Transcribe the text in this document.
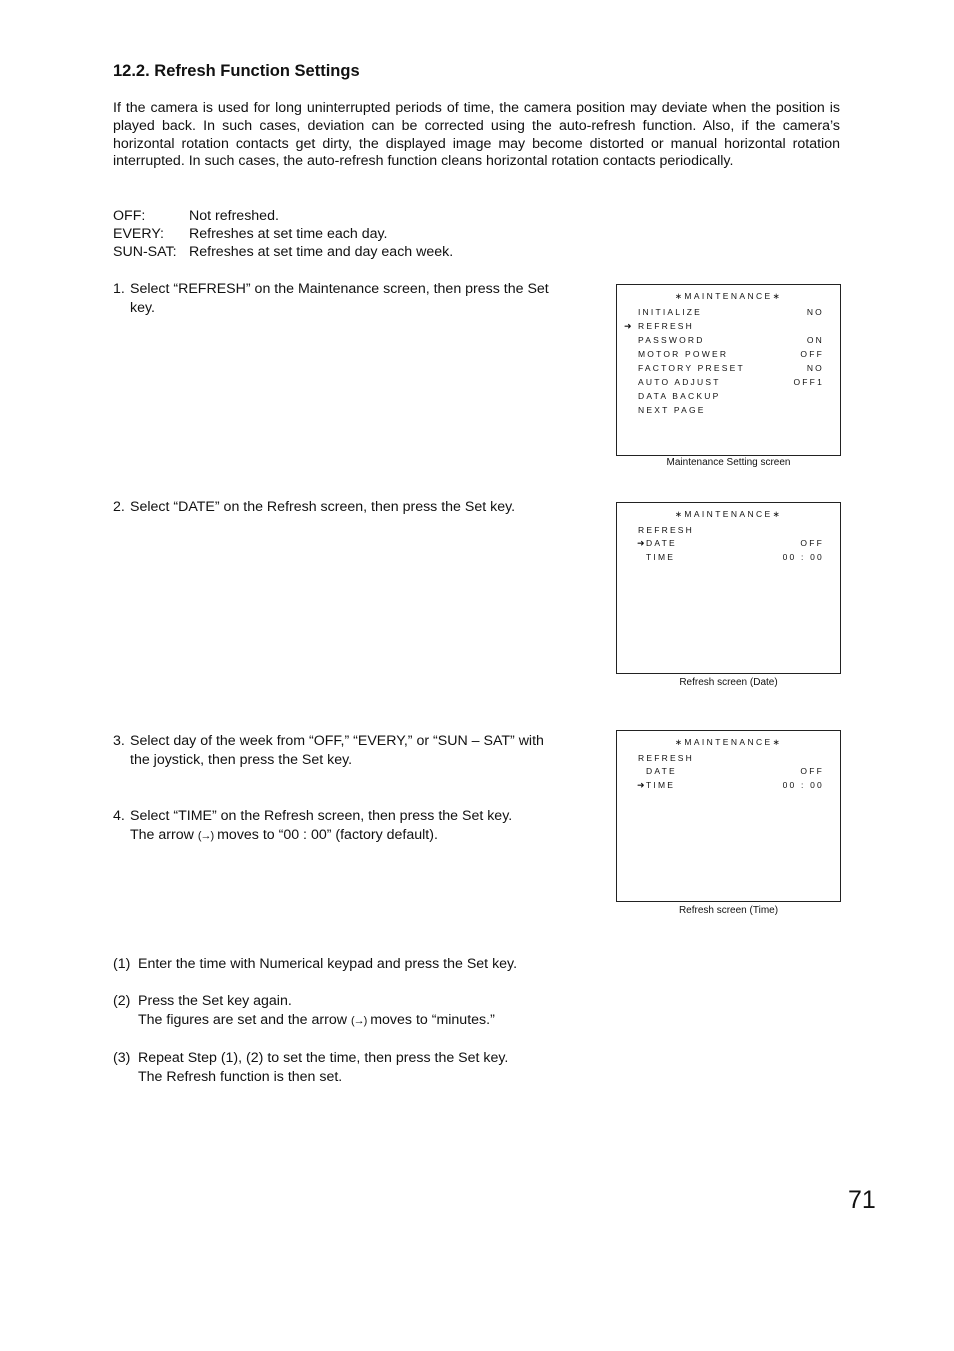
12.2. Refresh Function Settings

If the camera is used for long uninterrupted periods of time, the camera position may deviate when the position is played back. In such cases, deviation can be corrected using the auto-refresh function. Also, if the camera’s horizontal rotation contacts get dirty, the displayed image may become distorted or manual horizontal rotation interrupted. In such cases, the auto-refresh function cleans horizontal rotation contacts periodically.

OFF:	Not refreshed.
EVERY:	Refreshes at set time each day.
SUN-SAT: Refreshes at set time and day each week.
1. Select “REFRESH” on the Maintenance screen, then press the Set key.
∗MAINTENANCE∗
INITIALIZE	NO
➜ REFRESH
PASSWORD	ON
MOTOR POWER	OFF
FACTORY PRESET	NO
AUTO ADJUST	OFF1
DATA BACKUP
NEXT PAGE
Maintenance Setting screen
2. Select “DATE” on the Refresh screen, then press the Set key.	∗MAINTENANCE∗
REFRESH
➜ DATE	OFF
TIME	00 : 00
Refresh screen (Date)
3. Select day of the week from “OFF,” “EVERY,” or “SUN – SAT” with the joystick, then press the Set key.
4. Select “TIME” on the Refresh screen, then press the Set key.
The arrow (→) moves to “00 : 00” (factory default).
∗MAINTENANCE∗
REFRESH
DATE	OFF
➜ TIME	00 : 00
Refresh screen (Time)
(1) Enter the time with Numerical keypad and press the Set key.
(2) Press the Set key again.
The figures are set and the arrow (→) moves to “minutes.”
(3) Repeat Step (1), (2) to set the time, then press the Set key.
The Refresh function is then set.
71
